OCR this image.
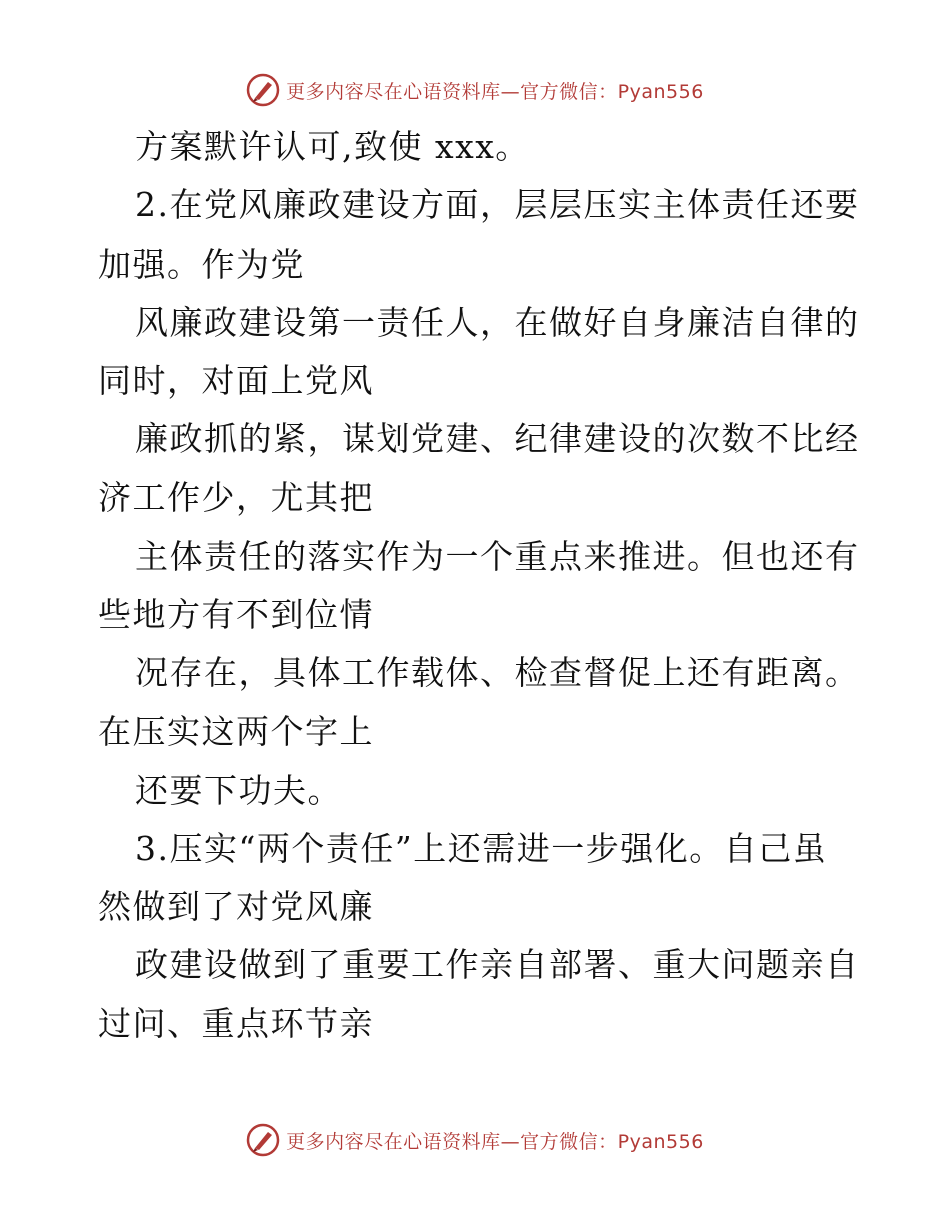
更多内容尽在心语资料库—官方微信：Pyan556
方案默许认可,致使 xxx。
2.在党风廉政建设方面，层层压实主体责任还要
加强。作为党
风廉政建设第一责任人，在做好自身廉洁自律的
同时，对面上党风
廉政抓的紧，谋划党建、纪律建设的次数不比经
济工作少，尤其把
主体责任的落实作为一个重点来推进。但也还有
些地方有不到位情
况存在，具体工作载体、检查督促上还有距离。
在压实这两个字上
还要下功夫。
3.压实“两个责任”上还需进一步强化。自己虽
然做到了对党风廉
政建设做到了重要工作亲自部署、重大问题亲自
过问、重点环节亲
更多内容尽在心语资料库—官方微信：Pyan556
